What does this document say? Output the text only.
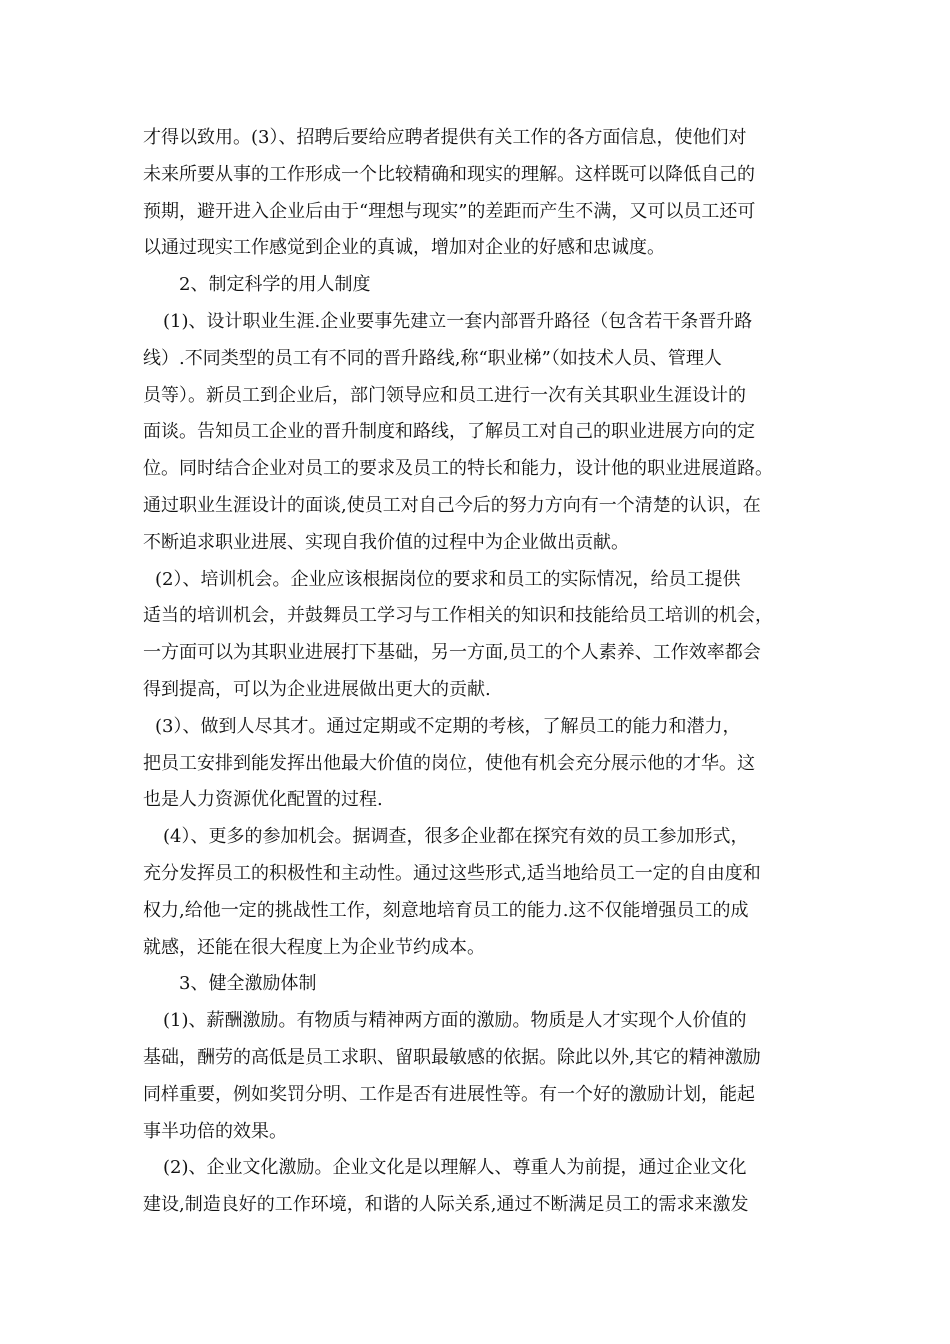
才得以致用。(3）、招聘后要给应聘者提供有关工作的各方面信息，使他们对
未来所要从事的工作形成一个比较精确和现实的理解。这样既可以降低自己的
预期，避开进入企业后由于“理想与现实”的差距而产生不满，又可以员工还可
以通过现实工作感觉到企业的真诚，增加对企业的好感和忠诚度。
2、制定科学的用人制度
(1)、设计职业生涯.企业要事先建立一套内部晋升路径（包含若干条晋升路
线）.不同类型的员工有不同的晋升路线,称“职业梯”（如技术人员、管理人
员等）。新员工到企业后，部门领导应和员工进行一次有关其职业生涯设计的
面谈。告知员工企业的晋升制度和路线，了解员工对自己的职业进展方向的定
位。同时结合企业对员工的要求及员工的特长和能力，设计他的职业进展道路。
通过职业生涯设计的面谈,使员工对自己今后的努力方向有一个清楚的认识，在
不断追求职业进展、实现自我价值的过程中为企业做出贡献。
(2）、培训机会。企业应该根据岗位的要求和员工的实际情况，给员工提供
适当的培训机会，并鼓舞员工学习与工作相关的知识和技能给员工培训的机会，
一方面可以为其职业进展打下基础，另一方面,员工的个人素养、工作效率都会
得到提高，可以为企业进展做出更大的贡献.
(3）、做到人尽其才。通过定期或不定期的考核，了解员工的能力和潜力，
把员工安排到能发挥出他最大价值的岗位，使他有机会充分展示他的才华。这
也是人力资源优化配置的过程.
(4）、更多的参加机会。据调查，很多企业都在探究有效的员工参加形式，
充分发挥员工的积极性和主动性。通过这些形式,适当地给员工一定的自由度和
权力,给他一定的挑战性工作，刻意地培育员工的能力.这不仅能增强员工的成
就感，还能在很大程度上为企业节约成本。
3、健全激励体制
(1)、薪酬激励。有物质与精神两方面的激励。物质是人才实现个人价值的
基础，酬劳的高低是员工求职、留职最敏感的依据。除此以外,其它的精神激励
同样重要，例如奖罚分明、工作是否有进展性等。有一个好的激励计划，能起
事半功倍的效果。
(2)、企业文化激励。企业文化是以理解人、尊重人为前提，通过企业文化
建设,制造良好的工作环境，和谐的人际关系,通过不断满足员工的需求来激发
